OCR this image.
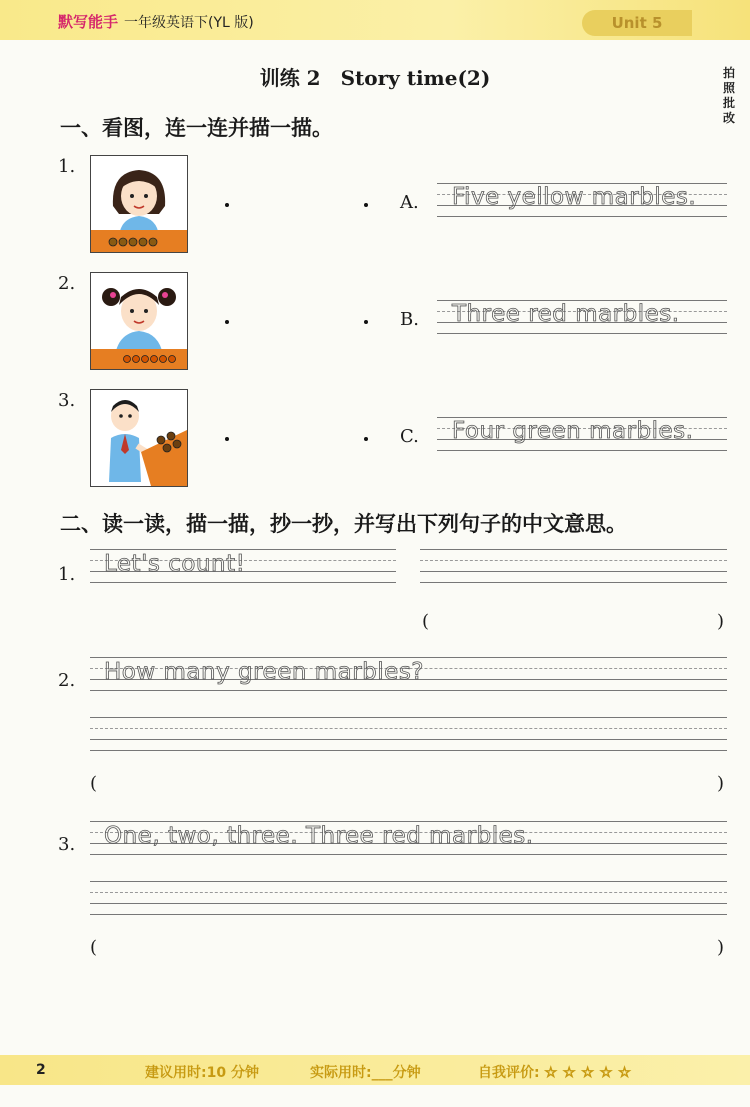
默写能手 一年级英语下(YL 版)	Unit 5
拍
照
批
改
训练 2　Story time(2)
一、看图，连一连并描一描。
1.
A. Five yellow marbles.
2.
B. Three red marbles.
3.
C. Four green marbles.
二、读一读，描一描，抄一抄，并写出下列句子的中文意思。
1. Let's count!
(	)
2. How many green marbles?
(	)
3. One, two, three. Three red marbles.
(	)
2	建议用时:10 分钟	实际用时:___分钟	自我评价: ☆ ☆ ☆ ☆ ☆
